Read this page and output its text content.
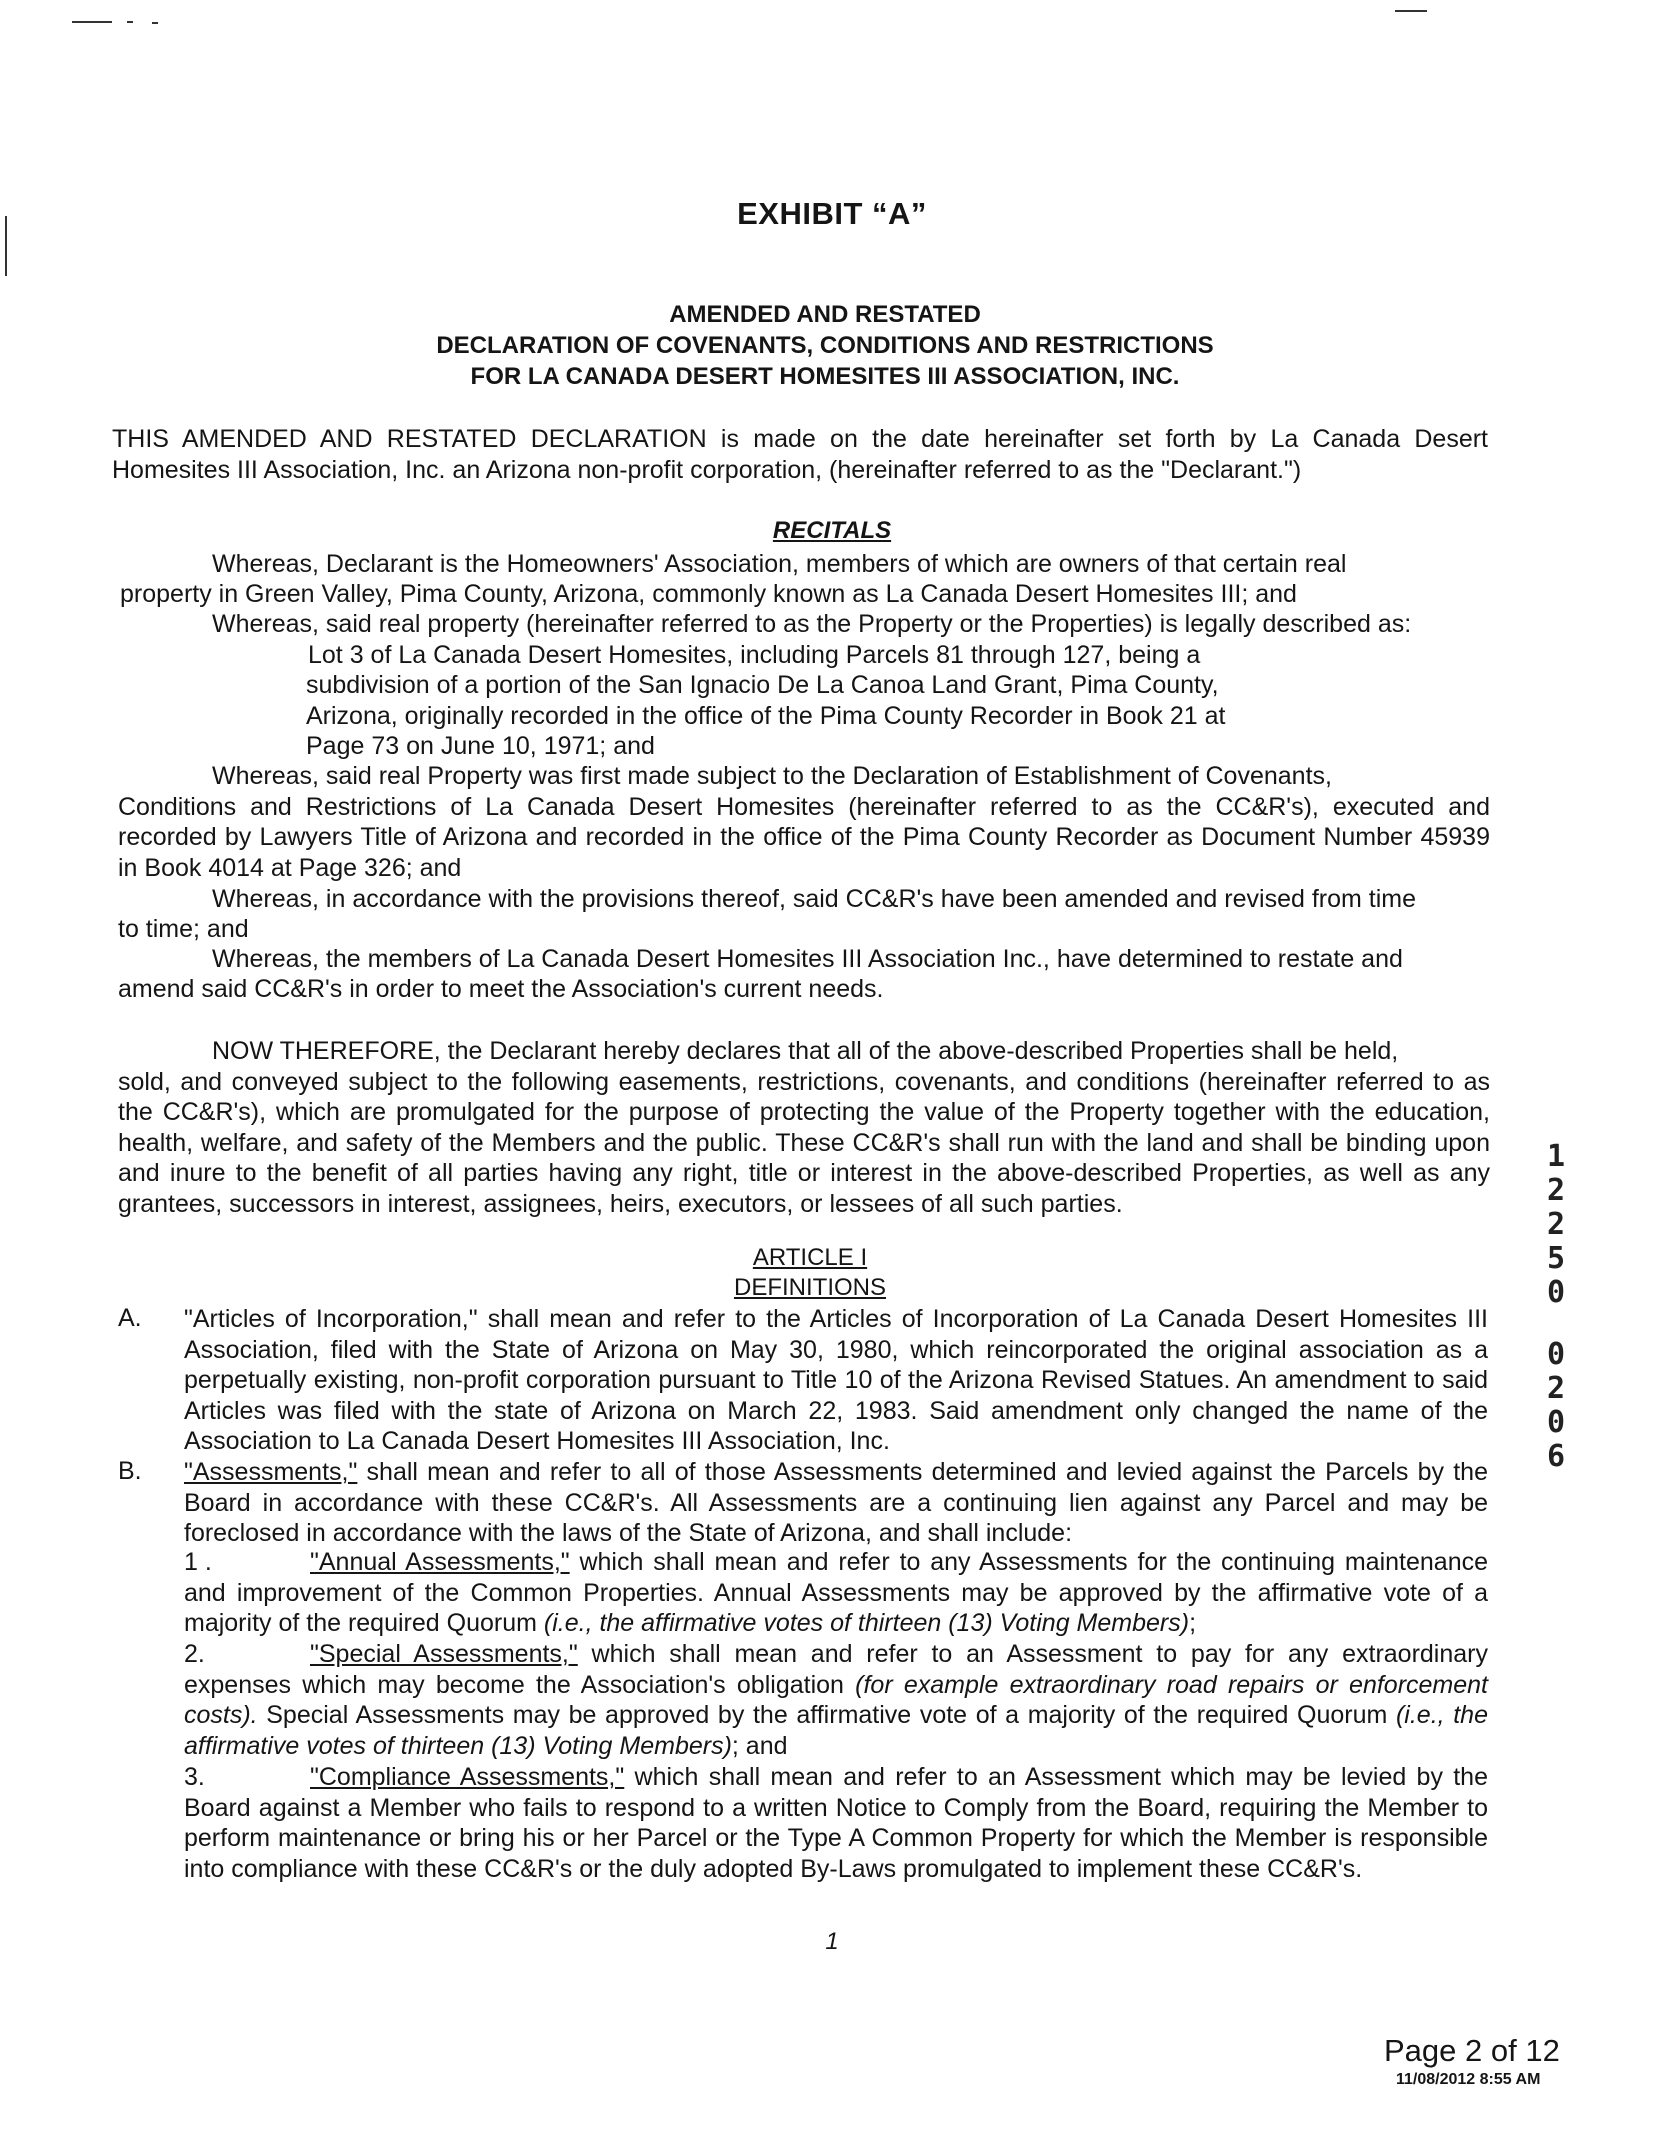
EXHIBIT “A”
AMENDED AND RESTATED
DECLARATION OF COVENANTS, CONDITIONS AND RESTRICTIONS
FOR LA CANADA DESERT HOMESITES III ASSOCIATION, INC.
THIS AMENDED AND RESTATED DECLARATION is made on the date hereinafter set forth by La Canada Desert Homesites III Association, Inc. an Arizona non-profit corporation, (hereinafter referred to as the "Declarant.")
RECITALS
Whereas, Declarant is the Homeowners' Association, members of which are owners of that certain real
property in Green Valley, Pima County, Arizona, commonly known as La Canada Desert Homesites III; and
Whereas, said real property (hereinafter referred to as the Property or the Properties) is legally described as:
Lot 3 of La Canada Desert Homesites, including Parcels 81 through 127, being a
subdivision of a portion of the San Ignacio De La Canoa Land Grant, Pima County,
Arizona, originally recorded in the office of the Pima County Recorder in Book 21 at
Page 73 on June 10, 1971; and
Whereas, said real Property was first made subject to the Declaration of Establishment of Covenants,
Conditions and Restrictions of La Canada Desert Homesites (hereinafter referred to as the CC&R's), executed and recorded by Lawyers Title of Arizona and recorded in the office of the Pima County Recorder as Document Number 45939 in Book 4014 at Page 326; and
Whereas, in accordance with the provisions thereof, said CC&R's have been amended and revised from time
to time; and
Whereas, the members of La Canada Desert Homesites III Association Inc., have determined to restate and
amend said CC&R's in order to meet the Association's current needs.
NOW THEREFORE, the Declarant hereby declares that all of the above-described Properties shall be held,
sold, and conveyed subject to the following easements, restrictions, covenants, and conditions (hereinafter referred to as the CC&R's), which are promulgated for the purpose of protecting the value of the Property together with the education, health, welfare, and safety of the Members and the public. These CC&R's shall run with the land and shall be binding upon and inure to the benefit of all parties having any right, title or interest in the above-described Properties, as well as any grantees, successors in interest, assignees, heirs, executors, or lessees of all such parties.
ARTICLE I
DEFINITIONS
A. "Articles of Incorporation," shall mean and refer to the Articles of Incorporation of La Canada Desert Homesites III Association, filed with the State of Arizona on May 30, 1980, which reincorporated the original association as a perpetually existing, non-profit corporation pursuant to Title 10 of the Arizona Revised Statues. An amendment to said Articles was filed with the state of Arizona on March 22, 1983. Said amendment only changed the name of the Association to La Canada Desert Homesites III Association, Inc.
B. "Assessments," shall mean and refer to all of those Assessments determined and levied against the Parcels by the Board in accordance with these CC&R's. All Assessments are a continuing lien against any Parcel and may be foreclosed in accordance with the laws of the State of Arizona, and shall include:
1 .	"Annual Assessments," which shall mean and refer to any Assessments for the continuing maintenance and improvement of the Common Properties. Annual Assessments may be approved by the affirmative vote of a majority of the required Quorum (i.e., the affirmative votes of thirteen (13) Voting Members);
2.	"Special Assessments," which shall mean and refer to an Assessment to pay for any extraordinary expenses which may become the Association's obligation (for example extraordinary road repairs or enforcement costs). Special Assessments may be approved by the affirmative vote of a majority of the required Quorum (i.e., the affirmative votes of thirteen (13) Voting Members); and
3.	"Compliance Assessments," which shall mean and refer to an Assessment which may be levied by the Board against a Member who fails to respond to a written Notice to Comply from the Board, requiring the Member to perform maintenance or bring his or her Parcel or the Type A Common Property for which the Member is responsible into compliance with these CC&R's or the duly adopted By-Laws promulgated to implement these CC&R's.
1
1
2
2
5
0
0
2
0
6
Page 2 of 12
11/08/2012 8:55 AM
